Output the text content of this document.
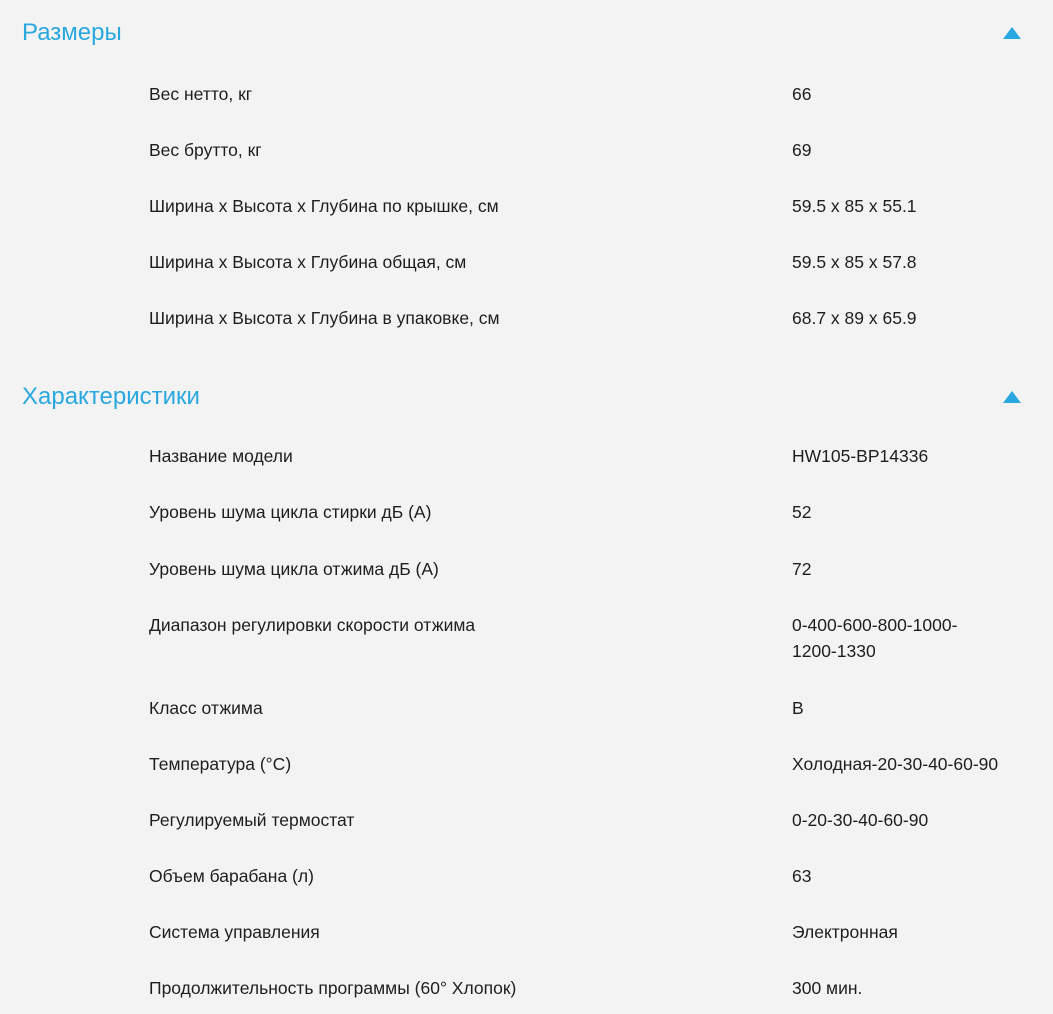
Размеры
Вес нетто, кг	66
Вес брутто, кг	69
Ширина х Высота х Глубина по крышке, см	59.5 x 85 x 55.1
Ширина х Высота х Глубина общая, см	59.5 x 85 x 57.8
Ширина х Высота х Глубина в упаковке, см	68.7 x 89 x 65.9
Характеристики
Название модели	HW105-BP14336
Уровень шума цикла стирки дБ (А)	52
Уровень шума цикла отжима дБ (А)	72
Диапазон регулировки скорости отжима	0-400-600-800-1000-1200-1330
Класс отжима	B
Температура (°C)	Холодная-20-30-40-60-90
Регулируемый термостат	0-20-30-40-60-90
Объем барабана (л)	63
Система управления	Электронная
Продолжительность программы (60° Хлопок)	300 мин.
